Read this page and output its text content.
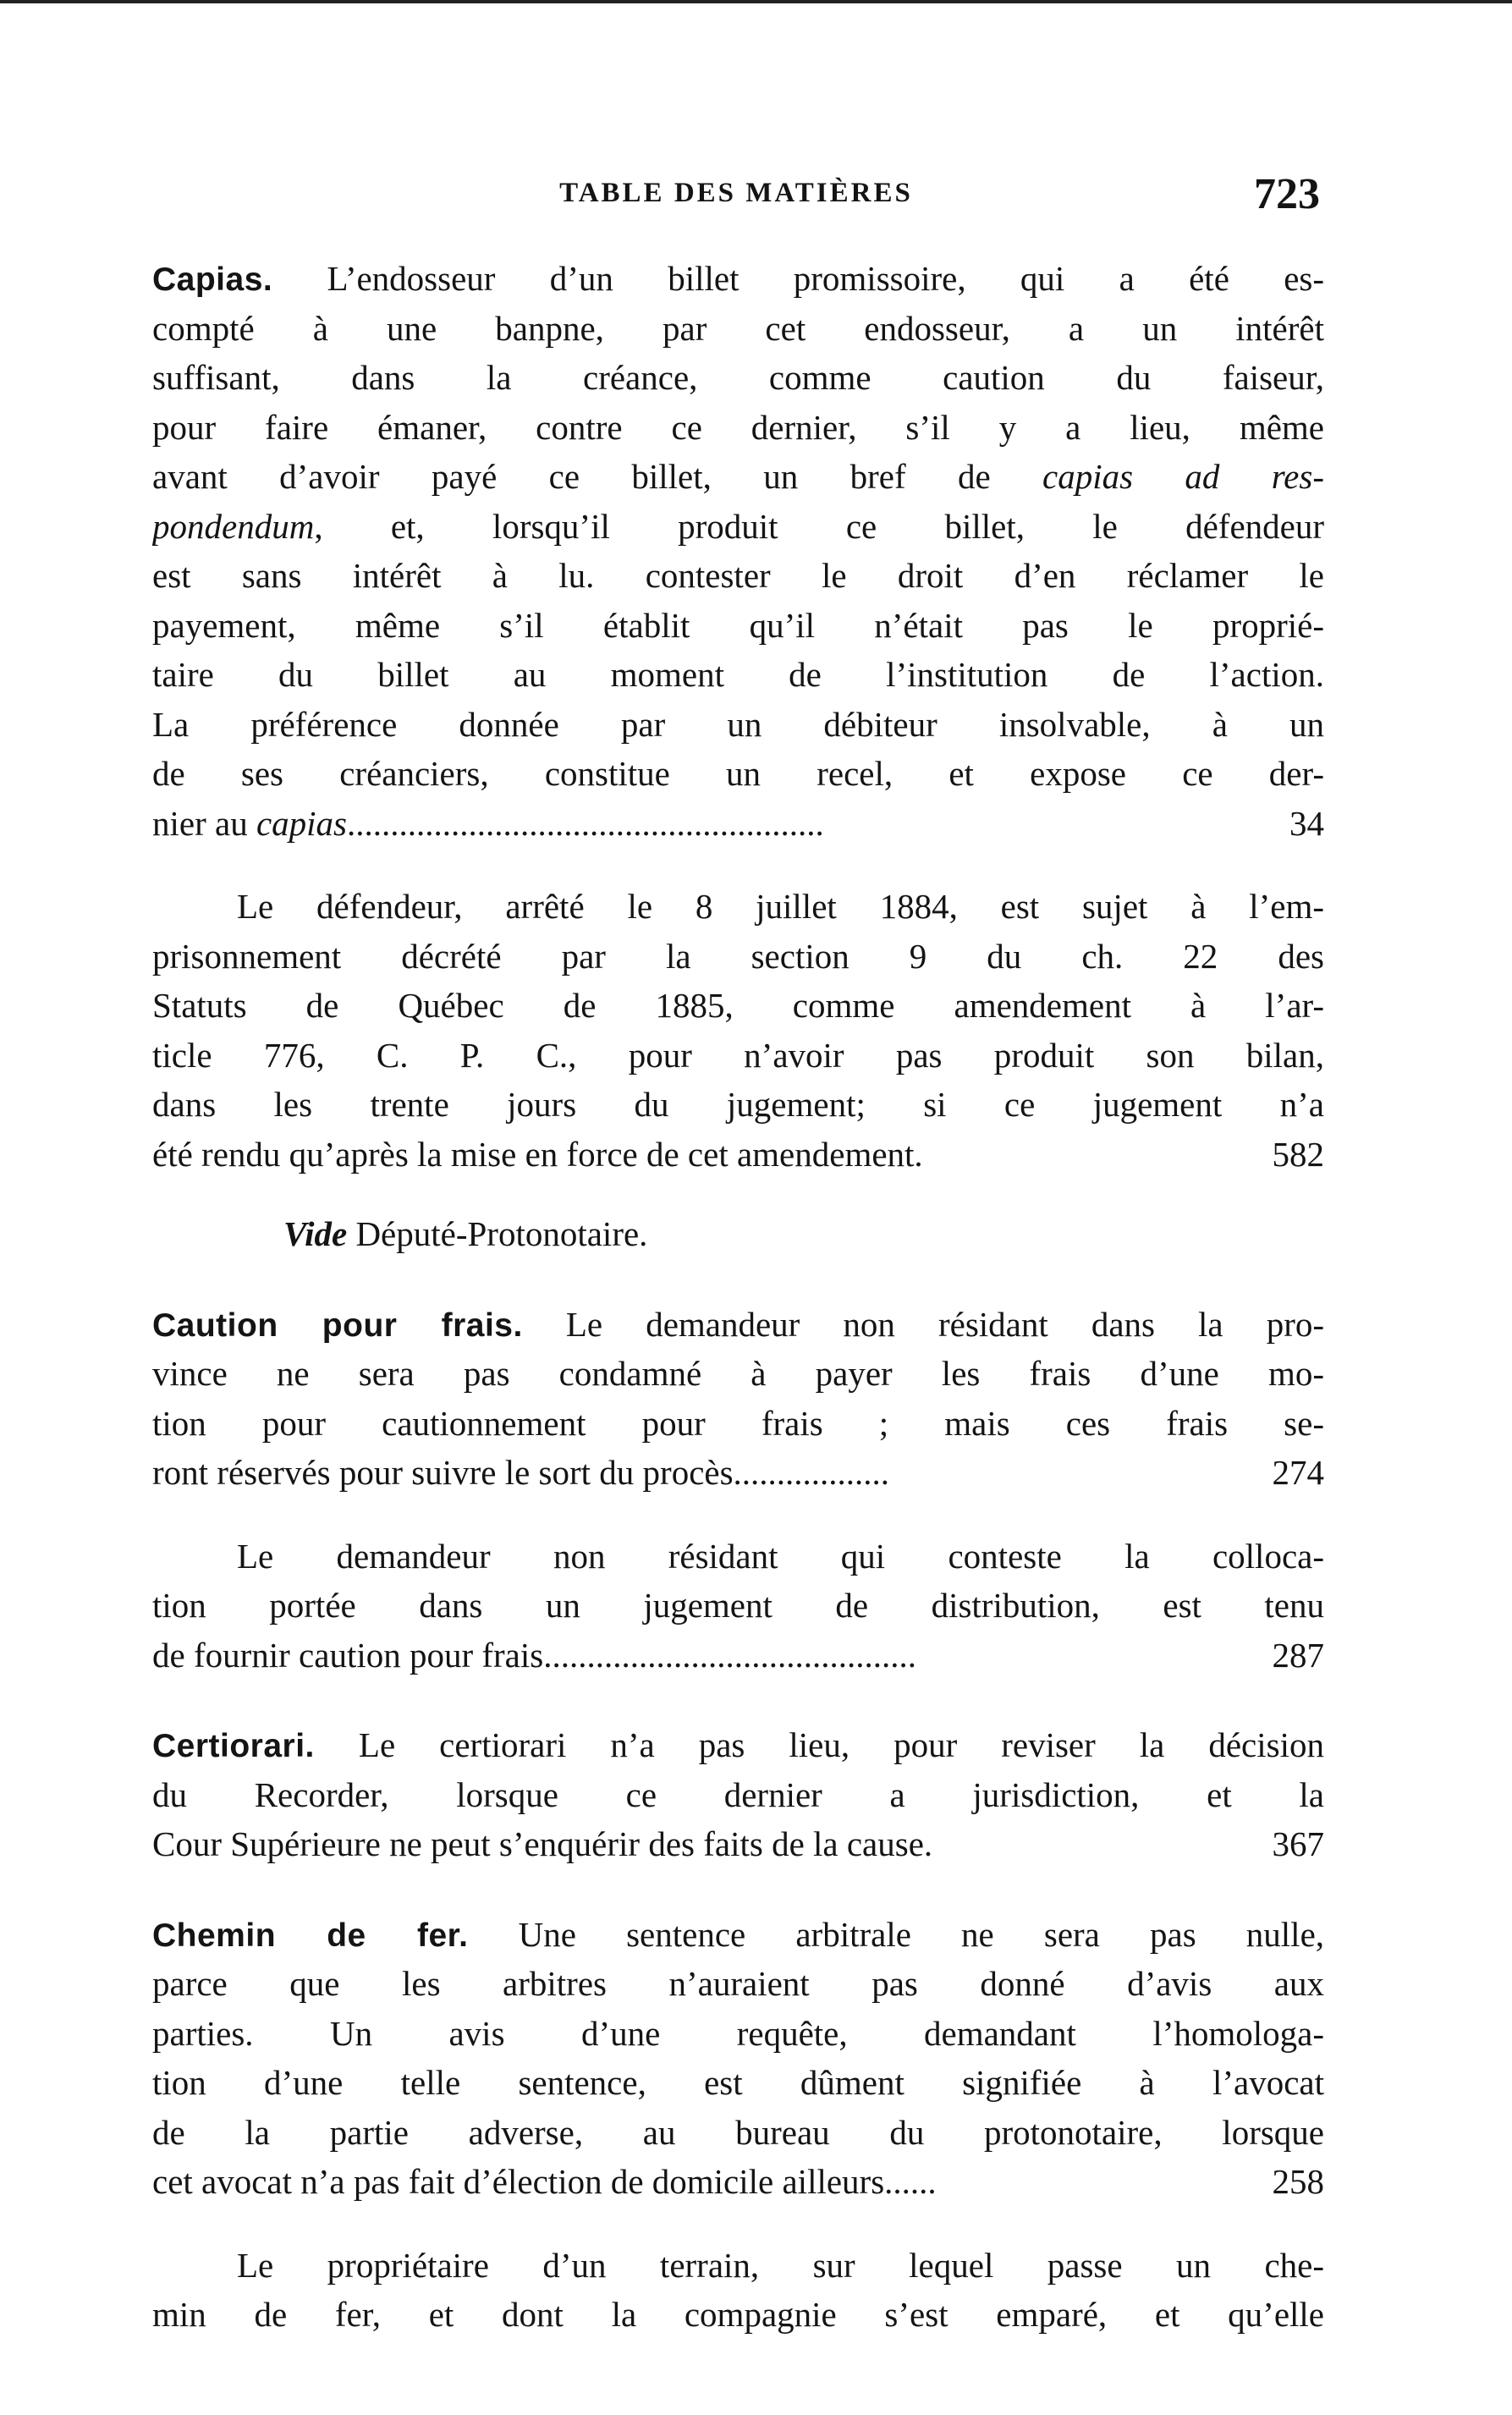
TABLE DES MATIÈRES	723
Capias. L’endosseur d’un billet promissoire, qui a été es-
compté à une banpne, par cet endosseur, a un intérêt
suffisant, dans la créance, comme caution du faiseur,
pour faire émaner, contre ce dernier, s’il y a lieu, même
avant d’avoir payé ce billet, un bref de capias ad res-
pondendum, et, lorsqu’il produit ce billet, le défendeur
est sans intérêt à lu. contester le droit d’en réclamer le
payement, même s’il établit qu’il n’était pas le proprié-
taire du billet au moment de l’institution de l’action.
La préférence donnée par un débiteur insolvable, à un
de ses créanciers, constitue un recel, et expose ce der-
nier au capias.......................................................	34
Le défendeur, arrêté le 8 juillet 1884, est sujet à l’em-
prisonnement décrété par la section 9 du ch. 22 des
Statuts de Québec de 1885, comme amendement à l’ar-
ticle 776, C. P. C., pour n’avoir pas produit son bilan,
dans les trente jours du jugement; si ce jugement n’a
été rendu qu’après la mise en force de cet amendement.	582
Vide Député-Protonotaire.
Caution pour frais. Le demandeur non résidant dans la pro-
vince ne sera pas condamné à payer les frais d’une mo-
tion pour cautionnement pour frais ; mais ces frais se-
ront réservés pour suivre le sort du procès..................	274
Le demandeur non résidant qui conteste la colloca-
tion portée dans un jugement de distribution, est tenu
de fournir caution pour frais...........................................	287
Certiorari. Le certiorari n’a pas lieu, pour reviser la décision
du Recorder, lorsque ce dernier a jurisdiction, et la
Cour Supérieure ne peut s’enquérir des faits de la cause.	367
Chemin de fer. Une sentence arbitrale ne sera pas nulle,
parce que les arbitres n’auraient pas donné d’avis aux
parties. Un avis d’une requête, demandant l’homologa-
tion d’une telle sentence, est dûment signifiée à l’avocat
de la partie adverse, au bureau du protonotaire, lorsque
cet avocat n’a pas fait d’élection de domicile ailleurs......	258
Le propriétaire d’un terrain, sur lequel passe un che-
min de fer, et dont la compagnie s’est emparé, et qu’elle
